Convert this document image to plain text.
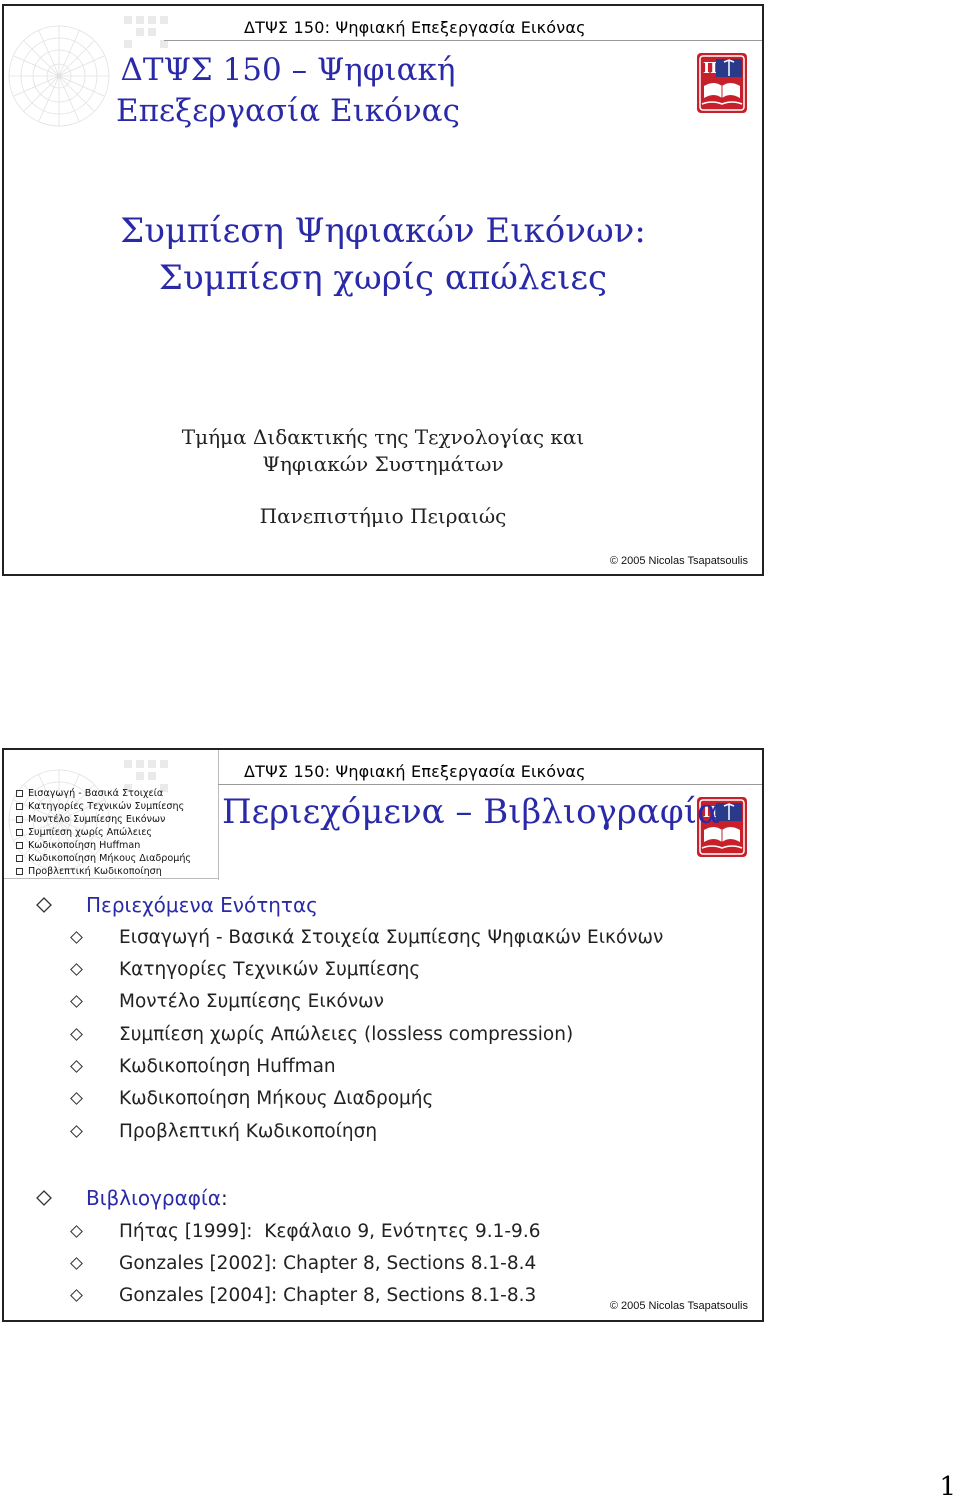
ΔΤΨΣ 150: Ψηφιακή Επεξεργασία Εικόνας
ΔΤΨΣ 150 – Ψηφιακή
Επεξεργασία Εικόνας
Συμπίεση Ψηφιακών Εικόνων:
Συμπίεση χωρίς απώλειες
Τμήμα Διδακτικής της Τεχνολογίας και
Ψηφιακών Συστημάτων
Πανεπιστήμιο Πειραιώς
© 2005 Nicolas Tsapatsoulis
Εισαγωγή - Βασικά Στοιχεία
Κατηγορίες Τεχνικών Συμπίεσης
Μοντέλο Συμπίεσης Εικόνων
Συμπίεση χωρίς Απώλειες
Κωδικοποίηση Huffman
Κωδικοποίηση Μήκους Διαδρομής
Προβλεπτική Κωδικοποίηση
ΔΤΨΣ 150: Ψηφιακή Επεξεργασία Εικόνας
Περιεχόμενα – Βιβλιογραφία
Περιεχόμενα Ενότητας
Εισαγωγή - Βασικά Στοιχεία Συμπίεσης Ψηφιακών Εικόνων
Κατηγορίες Τεχνικών Συμπίεσης
Μοντέλο Συμπίεσης Εικόνων
Συμπίεση χωρίς Απώλειες (lossless compression)
Κωδικοποίηση Huffman
Κωδικοποίηση Μήκους Διαδρομής
Προβλεπτική Κωδικοποίηση
Βιβλιογραφία :
Πήτας [1999]:  Κεφάλαιο 9, Ενότητες 9.1-9.6
Gonzales [2002]: Chapter 8, Sections 8.1-8.4
Gonzales [2004]: Chapter 8, Sections 8.1-8.3	© 2005 Nicolas Tsapatsoulis
1
